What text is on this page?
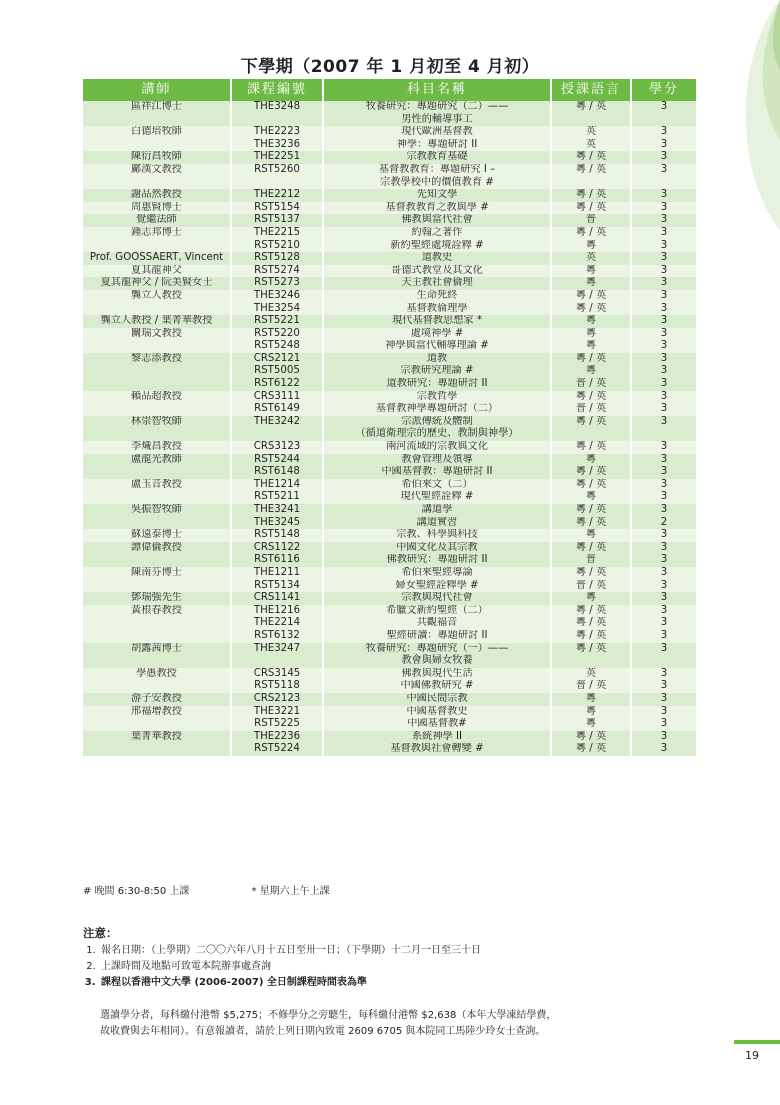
下學期（2007 年 1 月初至 4 月初）
講師	課程編號	科目名稱	授課語言	學分
區祥江博士	THE3248	牧養研究：專題研究（二）——
男性的輔導事工	粵 / 英	3
白德培牧師	THE2223	現代歐洲基督教	英	3
	THE3236	神學：專題研討 II	英	3
陳衍昌牧師	THE2251	宗教教育基礎	粵 / 英	3
鄺漢文教授	RST5260	基督教教育：專題研究 I –
宗教學校中的價值教育 #	粵 / 英	3
謝品然教授	THE2212	先知文學	粵 / 英	3
周惠賢博士	RST5154	基督教教育之教與學 #	粵 / 英	3
覺繼法師	RST5137	佛教與當代社會	普	3
鍾志邦博士	THE2215	約翰之著作	粵 / 英	3
	RST5210	新約聖經處境詮釋 #	粵	3
Prof. GOOSSAERT, Vincent	RST5128	道教史	英	3
夏其龍神父	RST5274	哥德式教堂及其文化	粵	3
夏其龍神父 / 阮美賢女士	RST5273	天主教社會倫理	粵	3
龔立人教授	THE3246	生命死終	粵 / 英	3
	THE3254	基督教倫理學	粵 / 英	3
龔立人教授 / 葉菁華教授	RST5221	現代基督教思想家 *	粵	3
關瑞文教授	RST5220	處境神學 #	粵	3
	RST5248	神學與當代輔導理論 #	粵	3
黎志添教授	CRS2121	道教	粵 / 英	3
	RST5005	宗教研究理論 #	粵	3
	RST6122	道教研究：專題研討 II	普 / 英	3
賴品超教授	CRS3111	宗教哲學	粵 / 英	3
	RST6149	基督教神學專題研討（二）	普 / 英	3
林崇智牧師	THE3242	宗派傳統及體制
（循道衛理宗的歷史、教制與神學）	粵 / 英	3
李熾昌教授	CRS3123	兩河流域的宗教與文化	粵 / 英	3
盧龍光教師	RST5244	教會管理及領導	粵	3
	RST6148	中國基督教：專題研討 II	粵 / 英	3
盧玉音教授	THE1214	希伯來文（二）	粵 / 英	3
	RST5211	現代聖經詮釋 #	粵	3
吳振智牧師	THE3241	講道學	粵 / 英	3
	THE3245	講道實習	粵 / 英	2
蘇遠泰博士	RST5148	宗教、科學與科技	粵	3
譚偉倫教授	CRS1122	中國文化及其宗教	粵 / 英	3
	RST6116	佛教研究：專題研討 II	普	3
陳南芬博士	THE1211	希伯來聖經導論	粵 / 英	3
	RST5134	婦女聖經詮釋學 #	普 / 英	3
鄧瑞強先生	CRS1141	宗教與現代社會	粵	3
黃根春教授	THE1216	希臘文新約聖經（二）	粵 / 英	3
	THE2214	共觀福音	粵 / 英	3
	RST6132	聖經研讀：專題研討 II	粵 / 英	3
胡露茜博士	THE3247	牧養研究：專題研究（一）——
教會與婦女牧養	粵 / 英	3
學愚教授	CRS3145	佛教與現代生活	英	3
	RST5118	中國佛教研究 #	普 / 英	3
游子安教授	CRS2123	中國民間宗教	粵	3
邢福增教授	THE3221	中國基督教史	粵	3
	RST5225	中國基督教#	粵	3
葉菁華教授	THE2236	系統神學 II	粵 / 英	3
	RST5224	基督教與社會轉變 #	粵 / 英	3
# 晚間 6:30-8:50 上課	* 星期六上午上課
注意：
1. 報名日期：（上學期）二〇〇六年八月十五日至卅一日；（下學期）十二月一日至三十日
2. 上課時間及地點可致電本院辦事處查詢
3. 課程以香港中文大學 (2006-2007) 全日制課程時間表為準
選讀學分者，每科繳付港幣 $5,275；不修學分之旁聽生，每科繳付港幣 $2,638（本年大學凍結學費，
故收費與去年相同）。有意報讀者，請於上列日期內致電 2609 6705 與本院同工馬陸少玲女士查詢。
19
